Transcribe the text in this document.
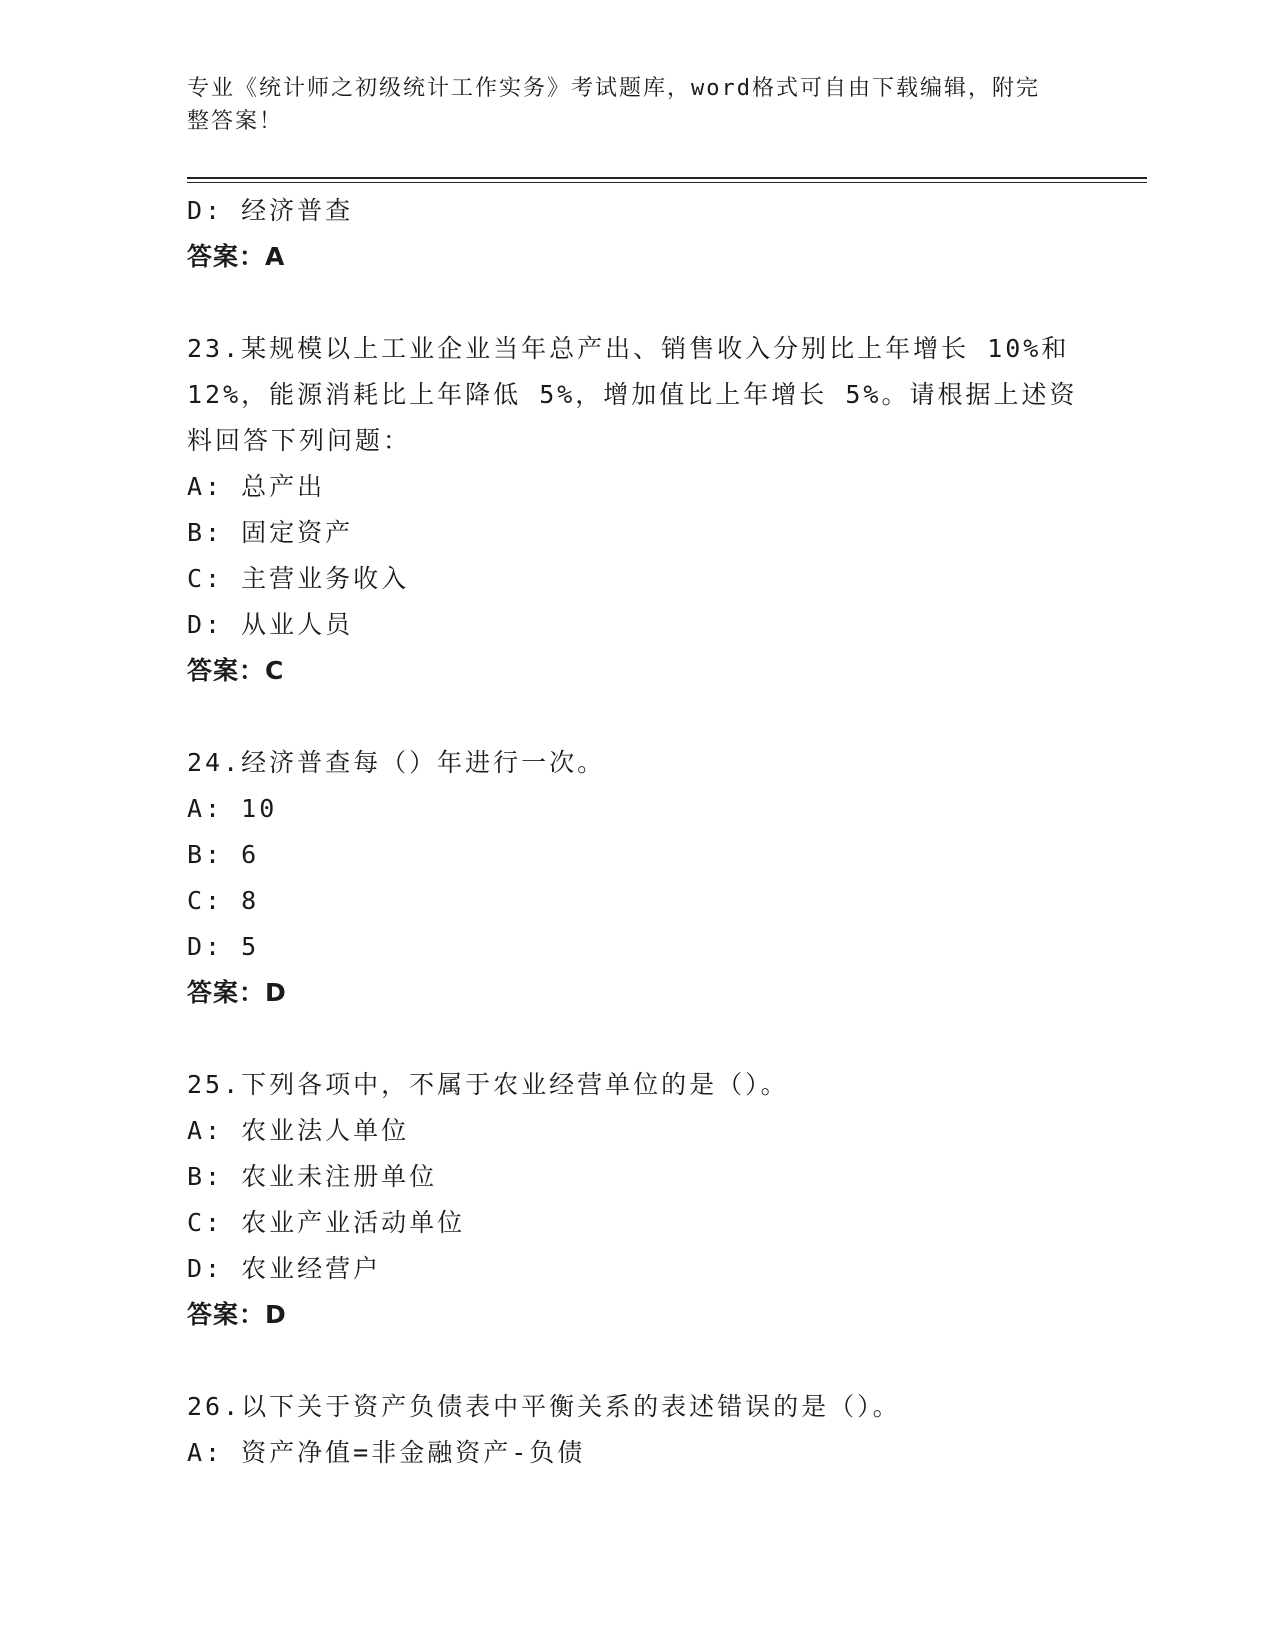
专业《统计师之初级统计工作实务》考试题库，word格式可自由下载编辑，附完
整答案！
D: 经济普查
答案：A
23.某规模以上工业企业当年总产出、销售收入分别比上年增长 10%和
12%，能源消耗比上年降低 5%，增加值比上年增长 5%。请根据上述资
料回答下列问题：
A: 总产出
B: 固定资产
C: 主营业务收入
D: 从业人员
答案：C
24.经济普查每（）年进行一次。
A: 10
B: 6
C: 8
D: 5
答案：D
25.下列各项中，不属于农业经营单位的是（）。
A: 农业法人单位
B: 农业未注册单位
C: 农业产业活动单位
D: 农业经营户
答案：D
26.以下关于资产负债表中平衡关系的表述错误的是（）。
A: 资产净值=非金融资产-负债
